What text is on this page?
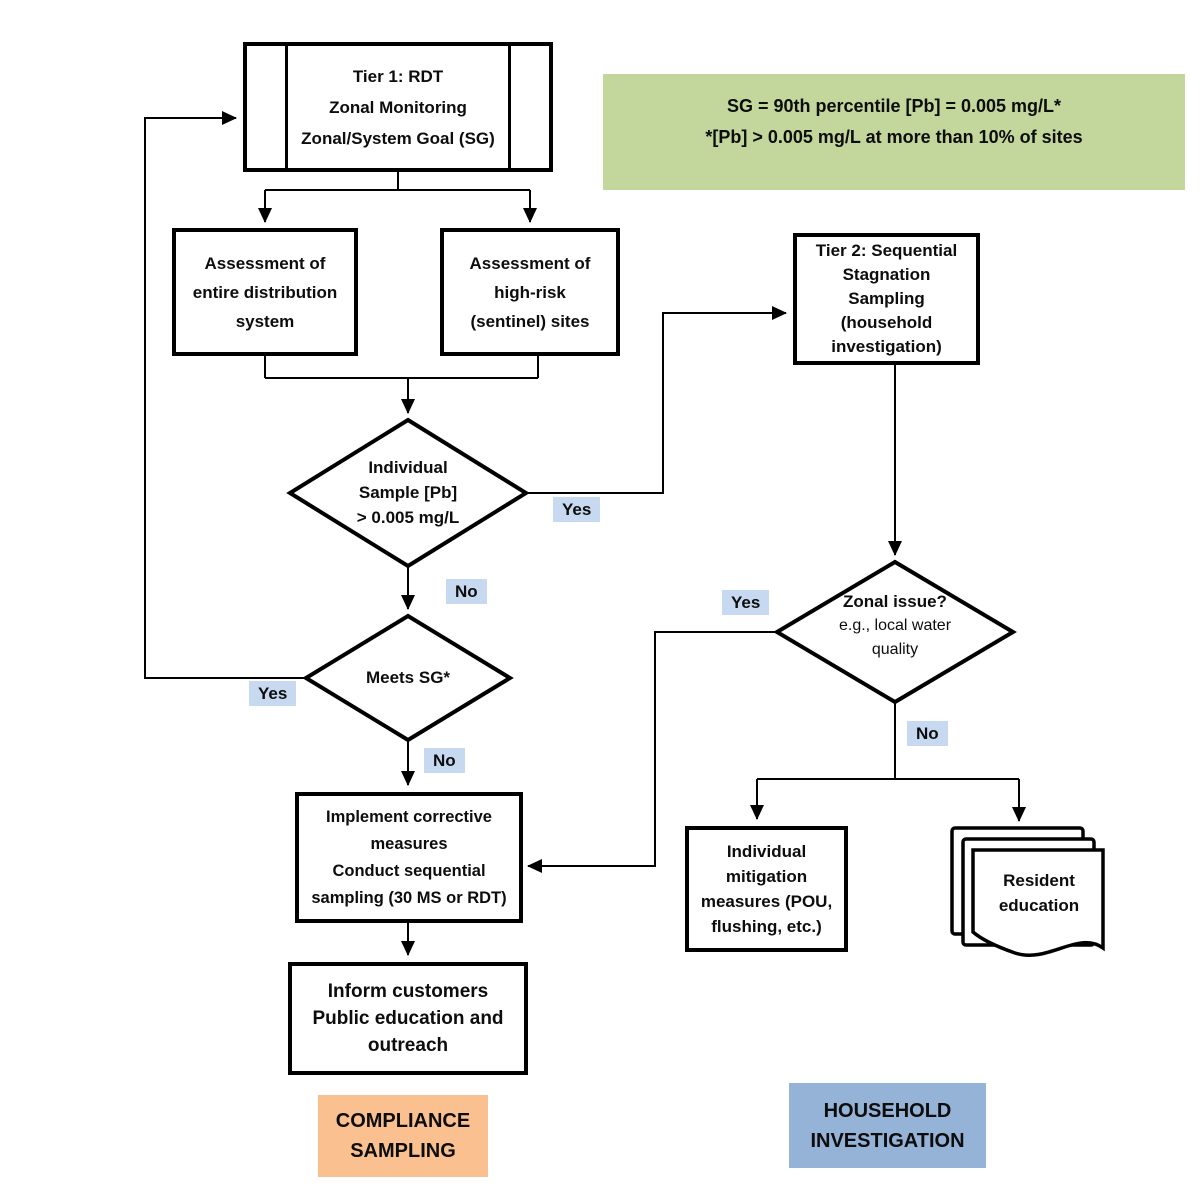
Tier 1: RDT
Zonal Monitoring
Zonal/System Goal (SG)
SG = 90th percentile [Pb] = 0.005 mg/L*
*[Pb] > 0.005 mg/L at more than 10% of sites
Assessment of
entire distribution
system
Assessment of
high-risk
(sentinel) sites
Tier 2: Sequential
Stagnation
Sampling
(household
investigation)
Individual
Sample [Pb]
> 0.005 mg/L
Meets SG*
Zonal issue?
e.g., local water
quality
Yes
No
Yes
No
Yes
No
Implement corrective
measures
Conduct sequential
sampling (30 MS or RDT)
Inform customers
Public education and
outreach
Individual
mitigation
measures (POU,
flushing, etc.)
Resident
education
COMPLIANCE
SAMPLING
HOUSEHOLD
INVESTIGATION
